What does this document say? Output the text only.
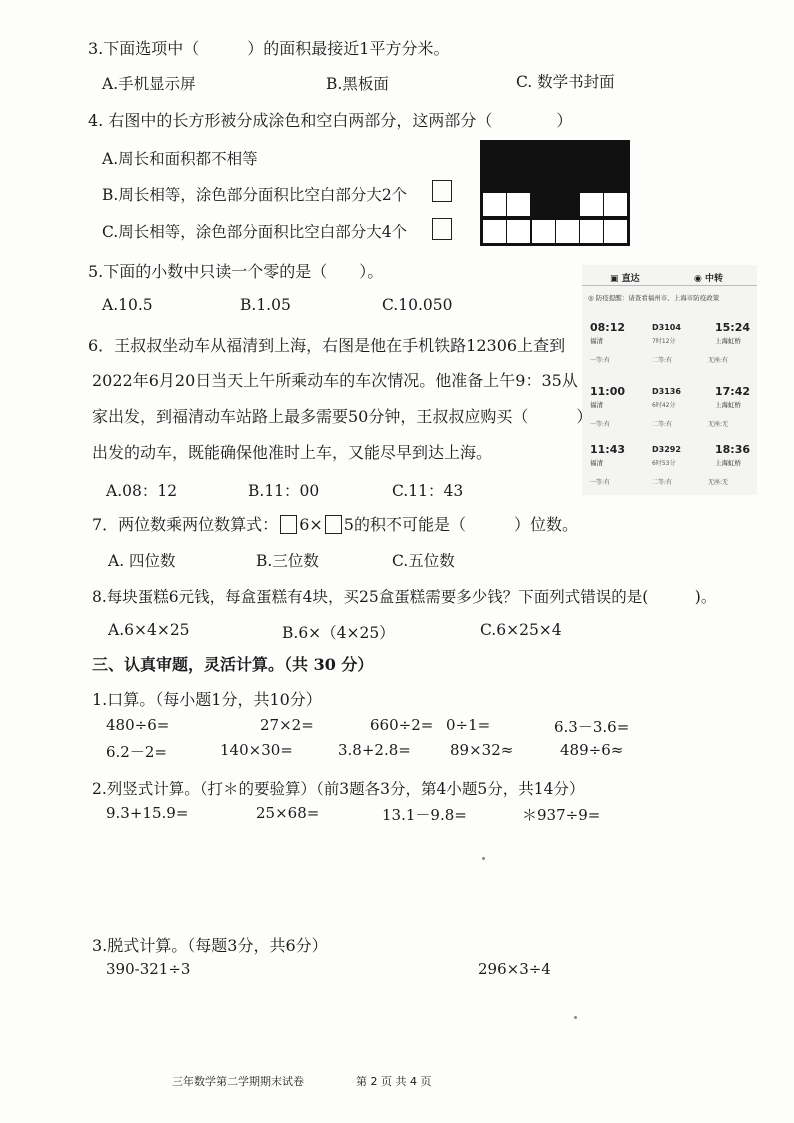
3.下面选项中（　　　）的面积最接近1平方分米。
A.手机显示屏	B.黑板面	C. 数学书封面
4. 右图中的长方形被分成涂色和空白两部分，这两部分（　　　　）
A.周长和面积都不相等
B.周长相等，涂色部分面积比空白部分大2个
C.周长相等，涂色部分面积比空白部分大4个
5.下面的小数中只读一个零的是（　　）。
A.10.5	B.1.05	C.10.050
▣ 直达	◉ 中转
◎ 防疫提醒：请查看福州市、上海市防疫政策
08:12	D3104	15:24
福清	7时12分	上海虹桥
一等:有	二等:有	无座:有
11:00	D3136	17:42
福清	6时42分	上海虹桥
一等:有	二等:有	无座:无
11:43	D3292	18:36
福清	6时53分	上海虹桥
一等:有	二等:有	无座:无
6．王叔叔坐动车从福清到上海，右图是他在手机铁路12306上查到
2022年6月20日当天上午所乘动车的车次情况。他准备上午9：35从
家出发，到福清动车站路上最多需要50分钟，王叔叔应购买（　　　）
出发的动车，既能确保他准时上车，又能尽早到达上海。
A.08：12	B.11：00	C.11：43
7．两位数乘两位数算式： 6× 5的积不可能是（　　　）位数。
A. 四位数	B.三位数	C.五位数
8.每块蛋糕6元钱，每盒蛋糕有4块，买25盒蛋糕需要多少钱？下面列式错误的是(　　　)。
A.6×4×25	B.6×（4×25）	C.6×25×4
三、认真审题，灵活计算。（共 30 分）
1.口算。（每小题1分，共10分）
480÷6=	27×2=	660÷2= 0÷1=	6.3－3.6=
6.2－2=	140×30=	3.8+2.8=	89×32≈	489÷6≈
2.列竖式计算。（打＊的要验算）（前3题各3分，第4小题5分，共14分）
9.3+15.9=	25×68=	13.1－9.8=	＊937÷9=
3.脱式计算。（每题3分，共6分）
390-321÷3	296×3÷4
三年数学第二学期期末试卷	第 2 页 共 4 页
